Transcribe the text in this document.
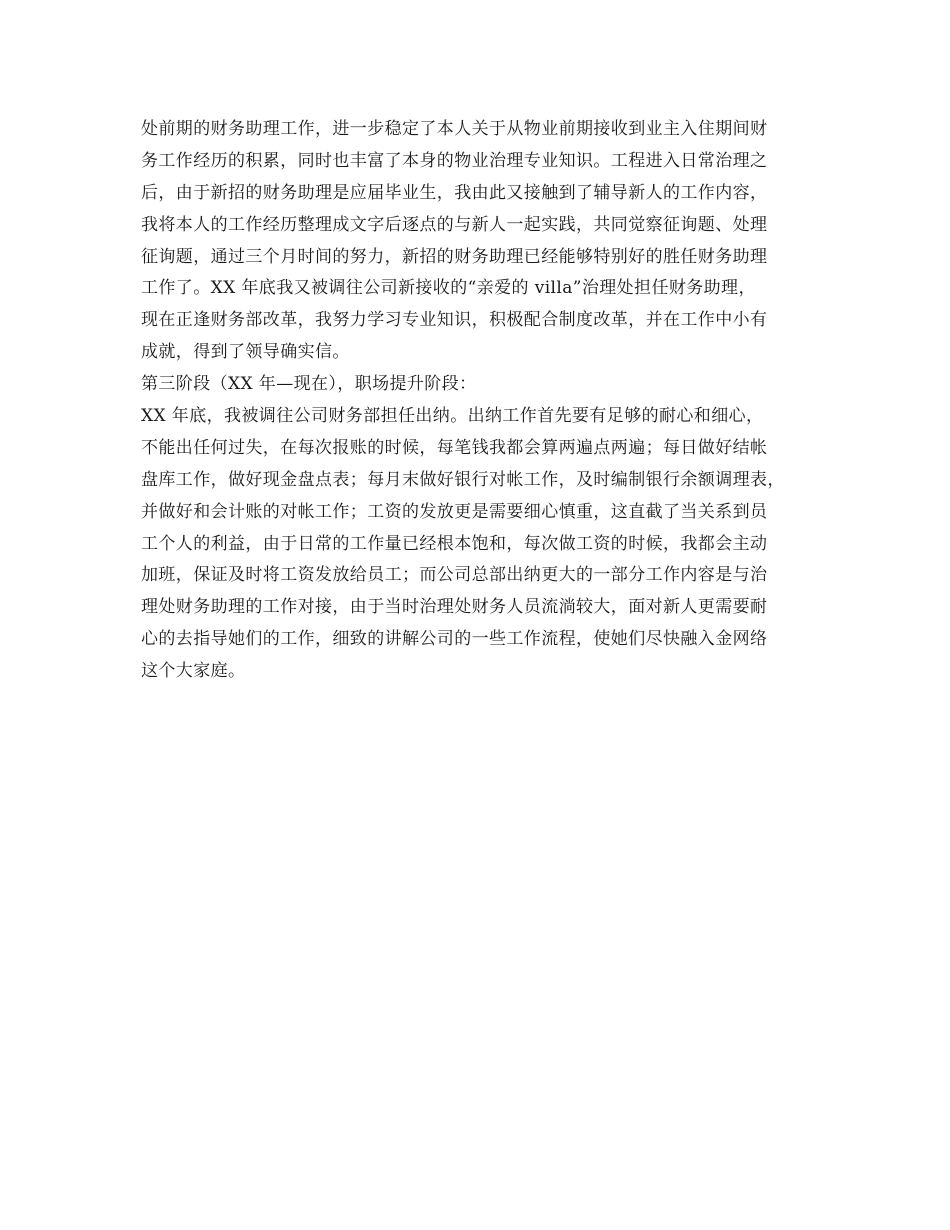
处前期的财务助理工作，进一步稳定了本人关于从物业前期接收到业主入住期间财
务工作经历的积累，同时也丰富了本身的物业治理专业知识。工程进入日常治理之
后，由于新招的财务助理是应届毕业生，我由此又接触到了辅导新人的工作内容，
我将本人的工作经历整理成文字后逐点的与新人一起实践，共同觉察征询题、处理
征询题，通过三个月时间的努力，新招的财务助理已经能够特别好的胜任财务助理
工作了。XX 年底我又被调往公司新接收的“亲爱的 villa”治理处担任财务助理，
现在正逢财务部改革，我努力学习专业知识，积极配合制度改革，并在工作中小有
成就，得到了领导确实信。
第三阶段（XX 年—现在），职场提升阶段：
XX 年底，我被调往公司财务部担任出纳。出纳工作首先要有足够的耐心和细心，
不能出任何过失，在每次报账的时候，每笔钱我都会算两遍点两遍；每日做好结帐
盘库工作，做好现金盘点表；每月末做好银行对帐工作，及时编制银行余额调理表，
并做好和会计账的对帐工作；工资的发放更是需要细心慎重，这直截了当关系到员
工个人的利益，由于日常的工作量已经根本饱和，每次做工资的时候，我都会主动
加班，保证及时将工资发放给员工；而公司总部出纳更大的一部分工作内容是与治
理处财务助理的工作对接，由于当时治理处财务人员流淌较大，面对新人更需要耐
心的去指导她们的工作，细致的讲解公司的一些工作流程，使她们尽快融入金网络
这个大家庭。
